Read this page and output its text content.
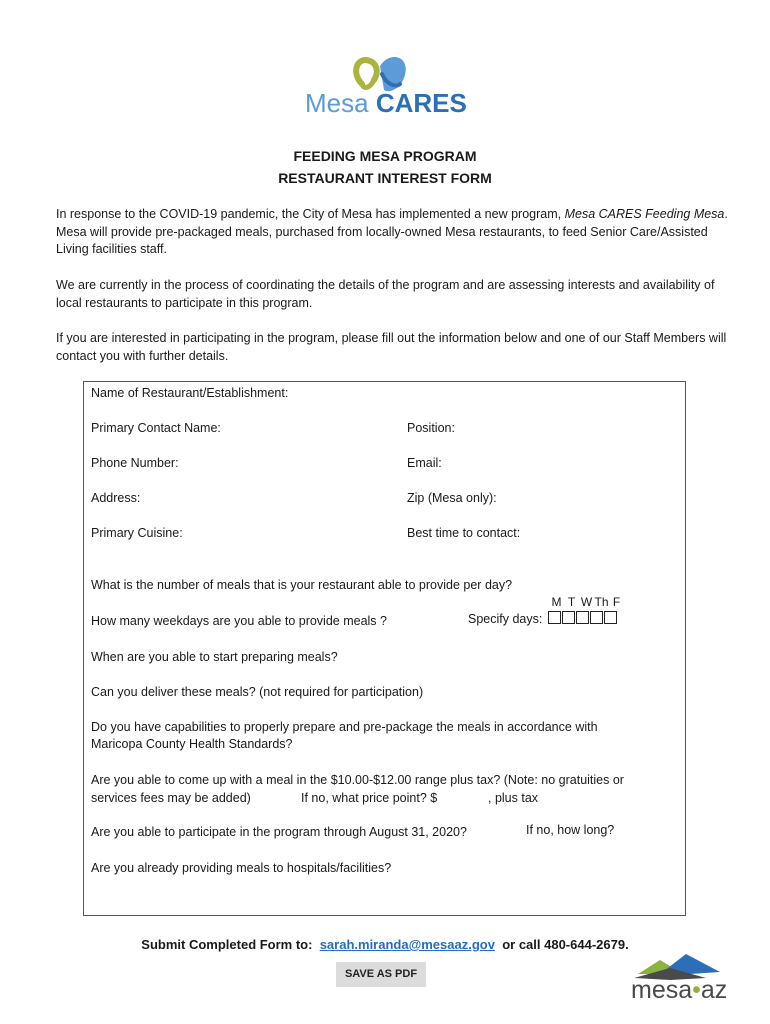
Mesa CARES
FEEDING MESA PROGRAM
RESTAURANT INTEREST FORM
In response to the COVID-19 pandemic, the City of Mesa has implemented a new program, Mesa CARES Feeding Mesa. Mesa will provide pre-packaged meals, purchased from locally-owned Mesa restaurants, to feed Senior Care/Assisted Living facilities staff.
We are currently in the process of coordinating the details of the program and are assessing interests and availability of local restaurants to participate in this program.
If you are interested in participating in the program, please fill out the information below and one of our Staff Members will contact you with further details.
Name of Restaurant/Establishment:
Primary Contact Name:	Position:
Phone Number:	Email:
Address:	Zip (Mesa only):
Primary Cuisine:	Best time to contact:
What is the number of meals that is your restaurant able to provide per day?
M T W Th F
How many weekdays are you able to provide meals ?	Specify days:
When are you able to start preparing meals?
Can you deliver these meals? (not required for participation)
Do you have capabilities to properly prepare and pre-package the meals in accordance with
Maricopa County Health Standards?
Are you able to come up with a meal in the $10.00-$12.00 range plus tax? (Note: no gratuities or
services fees may be added)	If no, what price point? $	, plus tax
Are you able to participate in the program through August 31, 2020?	If no, how long?
Are you already providing meals to hospitals/facilities?
Submit Completed Form to: sarah.miranda@mesaaz.gov or call 480-644-2679.
SAVE AS PDF
mesa•az
